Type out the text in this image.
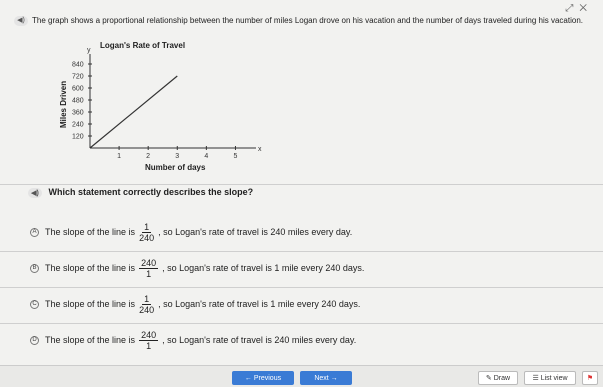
⤢✕
◀) The graph shows a proportional relationship between the number of miles Logan drove on his vacation and the number of days traveled during his vacation.
Logan's Rate of Travel
x
y
1	2	3	4	5
120
240
360
480
600
720
840
Number of days
Miles Driven
◀) Which statement correctly describes the slope?
A The slope of the line is $\frac{1}{240}$ , so Logan's rate of travel is 240 miles every day.
B The slope of the line is $\frac{240}{1}$ , so Logan's rate of travel is 1 mile every 240 days.
C The slope of the line is $\frac{1}{240}$ , so Logan's rate of travel is 1 mile every 240 days.
D The slope of the line is $\frac{240}{1}$ , so Logan's rate of travel is 240 miles every day.
← Previous	Next →	✎ Draw	☰ List view	⚑
